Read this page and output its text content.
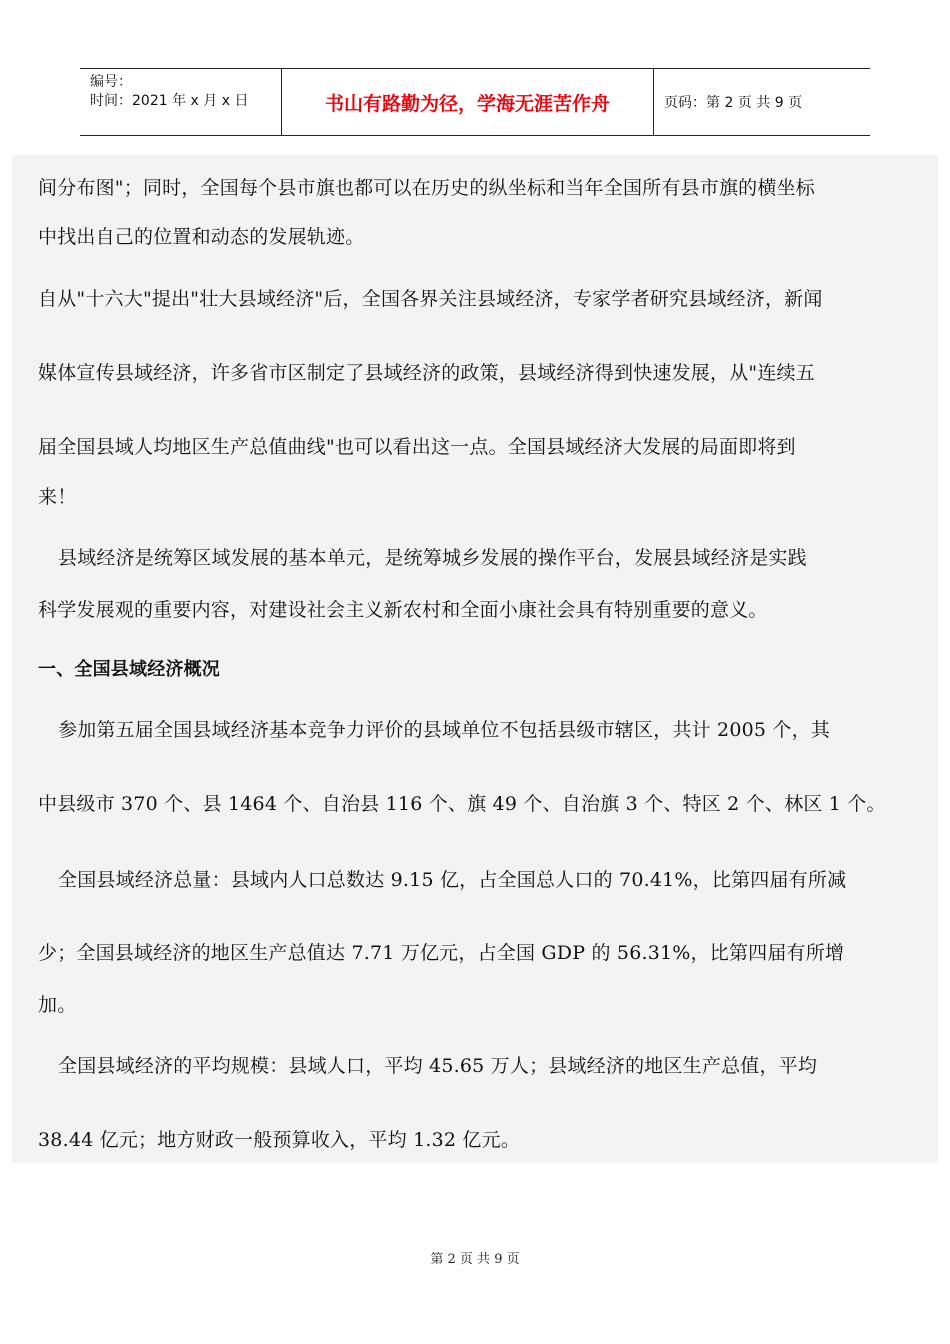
编号：
时间：2021 年 x 月 x 日	书山有路勤为径，学海无涯苦作舟	页码：第 2 页 共 9 页
间分布图"；同时，全国每个县市旗也都可以在历史的纵坐标和当年全国所有县市旗的横坐标
中找出自己的位置和动态的发展轨迹。
自从"十六大"提出"壮大县域经济"后，全国各界关注县域经济，专家学者研究县域经济，新闻
媒体宣传县域经济，许多省市区制定了县域经济的政策，县域经济得到快速发展，从"连续五
届全国县域人均地区生产总值曲线"也可以看出这一点。全国县域经济大发展的局面即将到
来！
县域经济是统筹区域发展的基本单元，是统筹城乡发展的操作平台，发展县域经济是实践
科学发展观的重要内容，对建设社会主义新农村和全面小康社会具有特别重要的意义。
一、全国县域经济概况
参加第五届全国县域经济基本竞争力评价的县域单位不包括县级市辖区，共计 2005 个，其
中县级市 370 个、县 1464 个、自治县 116 个、旗 49 个、自治旗 3 个、特区 2 个、林区 1 个。
全国县域经济总量：县域内人口总数达 9.15 亿，占全国总人口的 70.41%，比第四届有所减
少；全国县域经济的地区生产总值达 7.71 万亿元，占全国 GDP 的 56.31%，比第四届有所增
加。
全国县域经济的平均规模：县域人口，平均 45.65 万人；县域经济的地区生产总值，平均
38.44 亿元；地方财政一般预算收入，平均 1.32 亿元。
第 2 页 共 9 页
